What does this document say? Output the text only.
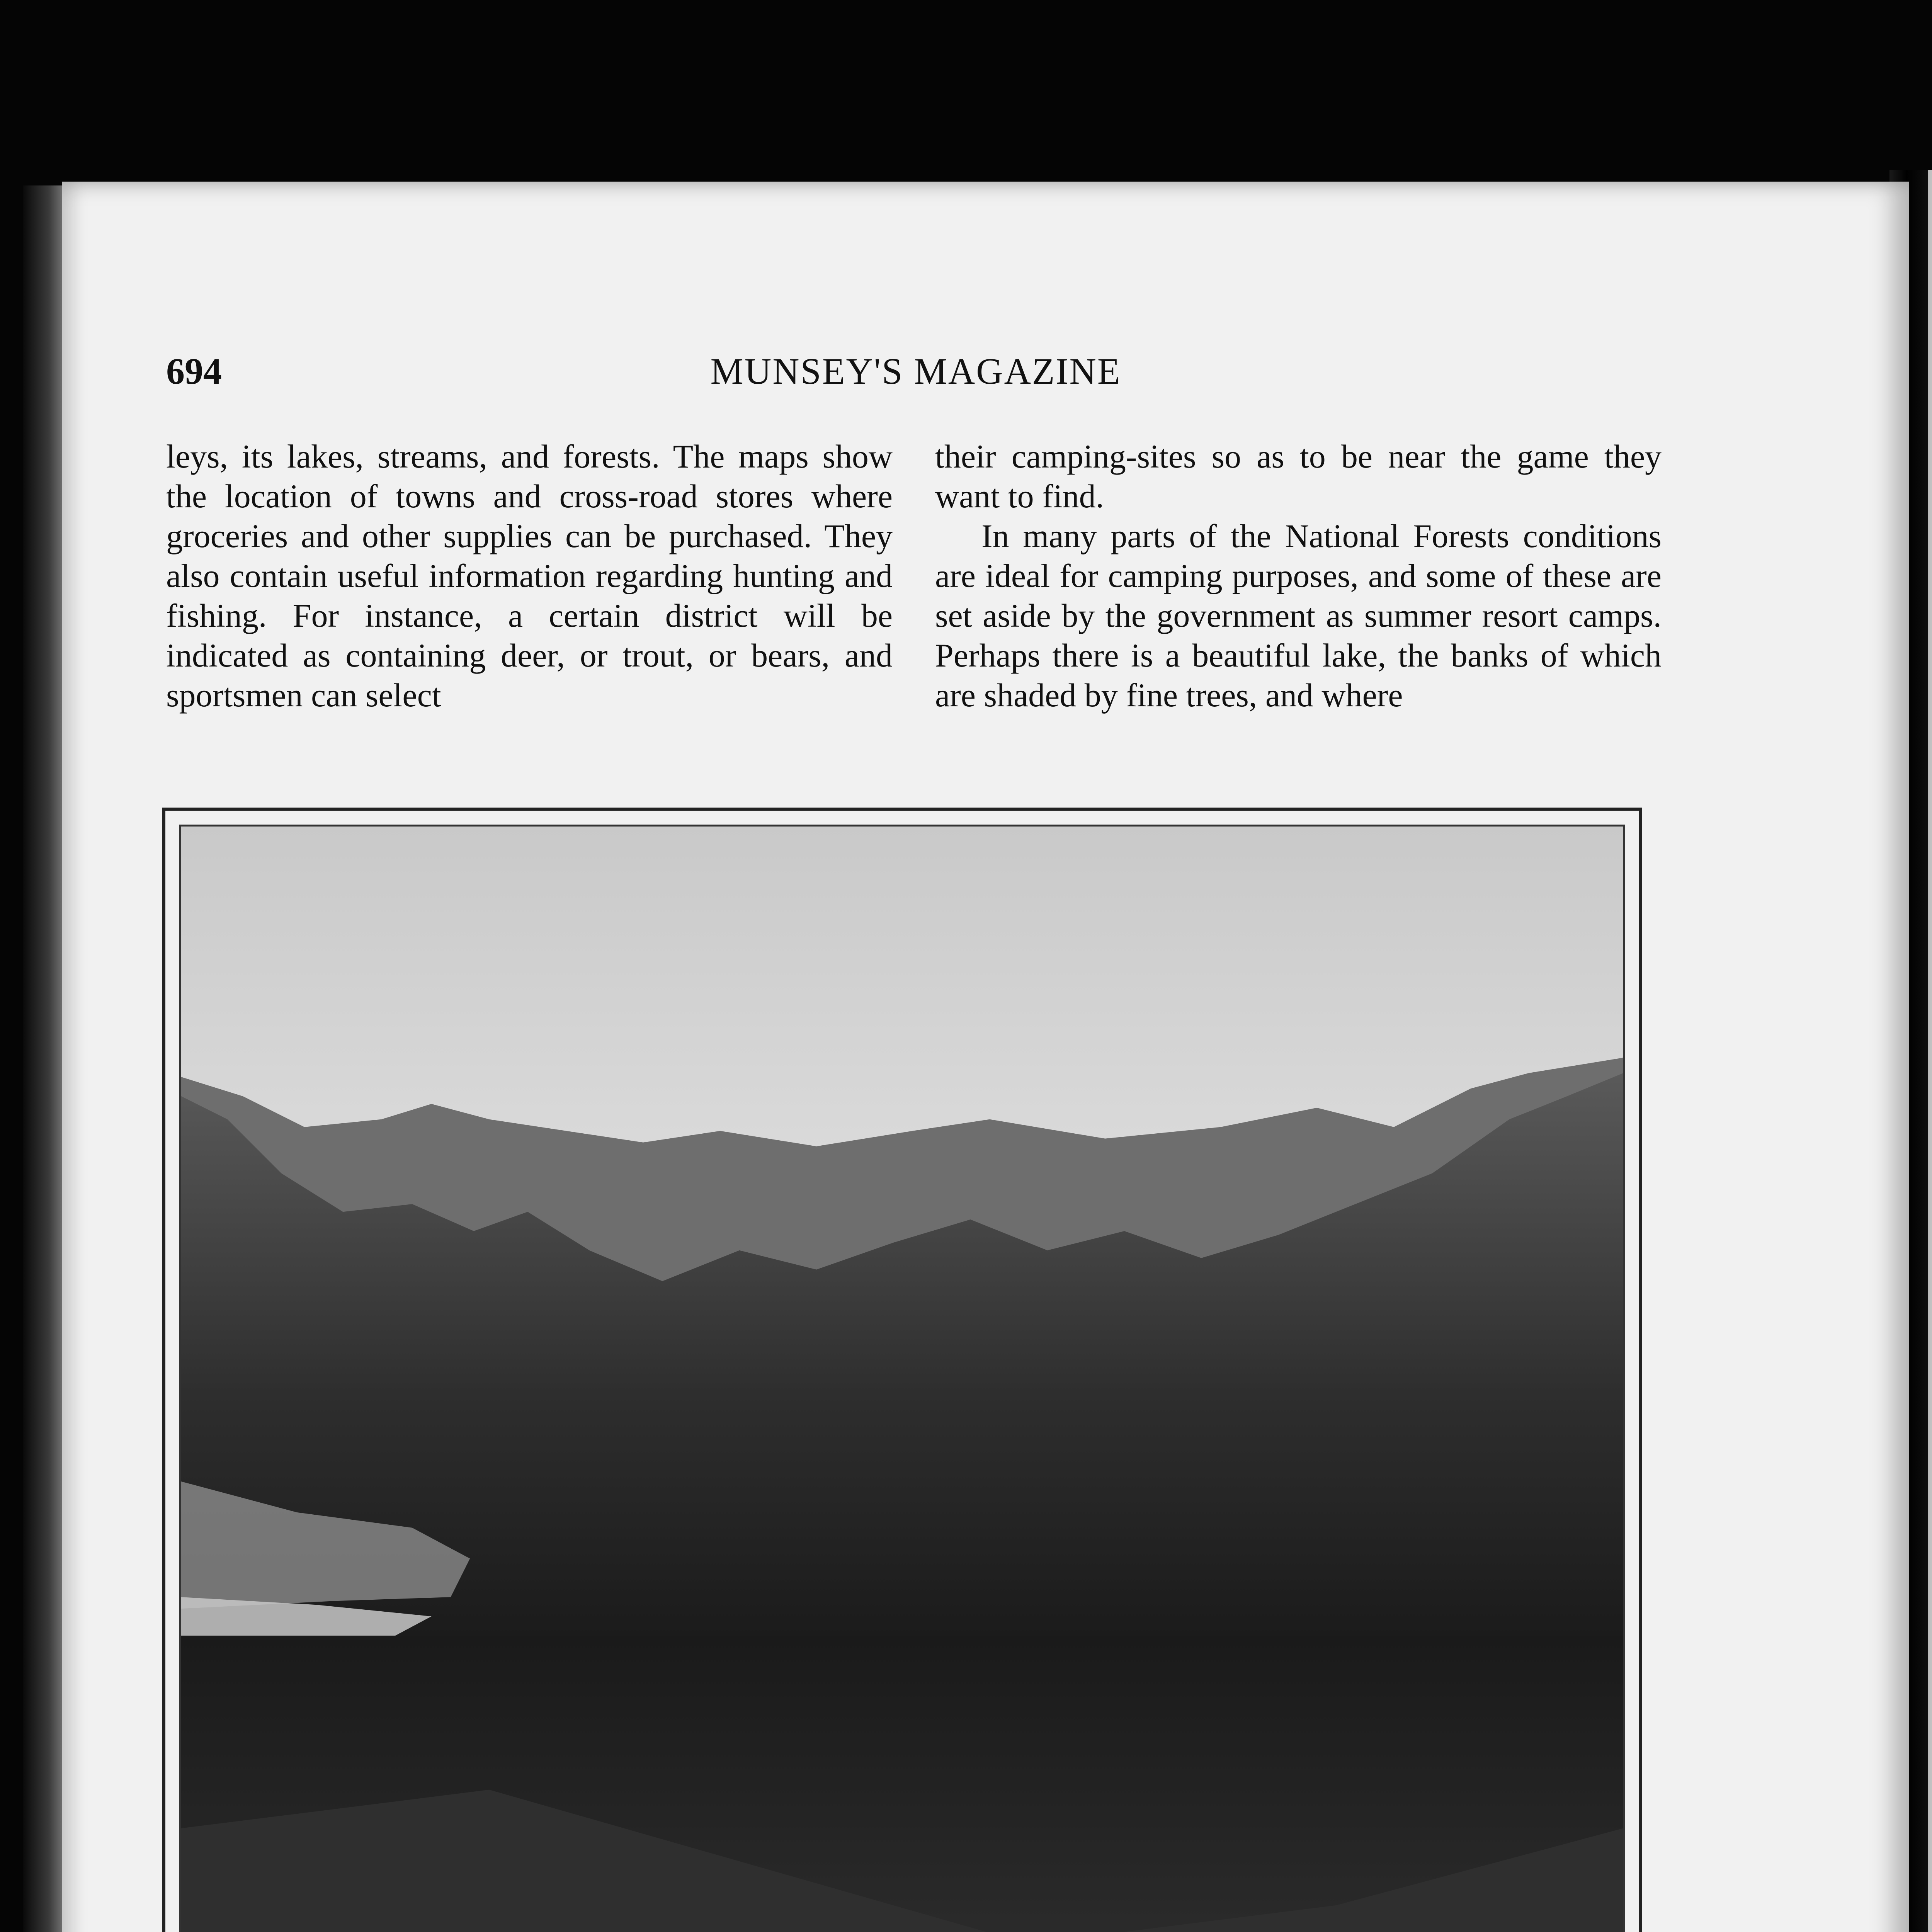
694	MUNSEY'S MAGAZINE

leys, its lakes, streams, and forests. The maps show the location of towns and cross-road stores where groceries and other supplies can be purchased. They also contain useful information regarding hunting and fishing. For instance, a certain district will be indicated as containing deer, or trout, or bears, and sportsmen can select

their camping-sites so as to be near the game they want to find.

In many parts of the National Forests conditions are ideal for camping purposes, and some of these are set aside by the government as summer resort camps. Perhaps there is a beautiful lake, the banks of which are shaded by fine trees, and where
